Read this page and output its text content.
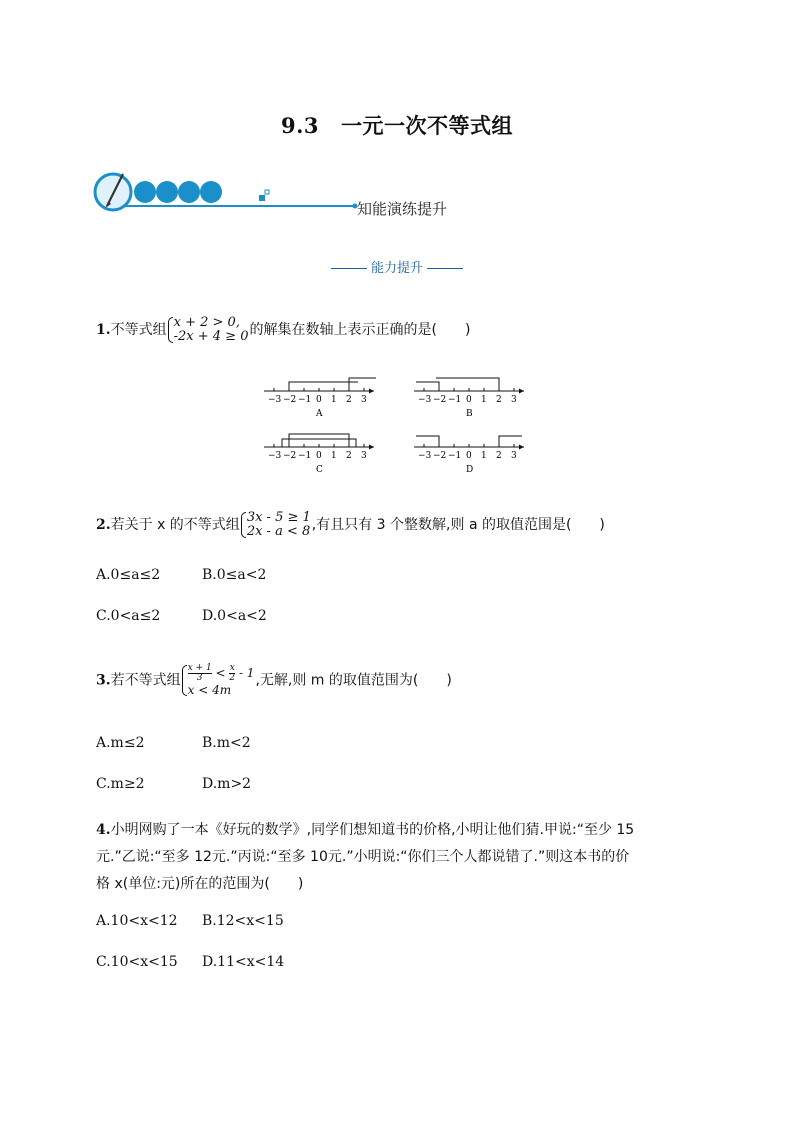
9.3 一元一次不等式组
知能演练提升
能力提升
1.不等式组 x + 2 > 0,
-2x + 4 ≥ 0 的解集在数轴上表示正确的是(　　)
−3 −2 −1 0 1 2 3
A
−3 −2 −1 0 1 2 3
B
−3 −2 −1 0 1 2 3
C
−3 −2 −1 0 1 2 3
D
2.若关于 x 的不等式组 3x - 5 ≥ 1
2x - a < 8 ,有且只有 3 个整数解,则 a 的取值范围是(　　)
A.0≤a≤2	B.0≤a<2
C.0<a≤2	D.0<a<2
3.若不等式组 $\frac{x + 1}{3} < \frac{x}{2} - 1$
x < 4m
,无解,则 m 的取值范围为(　　)
A.m≤2	B.m<2
C.m≥2	D.m>2
4.小明网购了一本《好玩的数学》,同学们想知道书的价格,小明让他们猜.甲说:“至少 15
元.”乙说:“至多 12元.”丙说:“至多 10元.”小明说:“你们三个人都说错了.”则这本书的价
格 x(单位:元)所在的范围为(　　)
A.10<x<12 B.12<x<15
C.10<x<15 D.11<x<14
